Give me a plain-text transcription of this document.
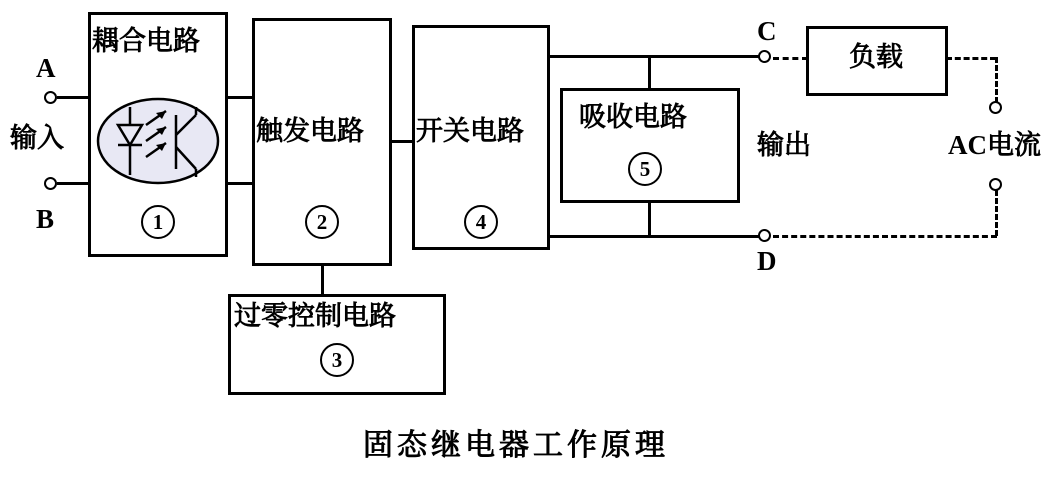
A
输入
B
耦合电路
1
触发电路
2
过零控制电路
3
开关电路
4
吸收电路
5
C
输出
D
负载
AC电流
固态继电器工作原理
